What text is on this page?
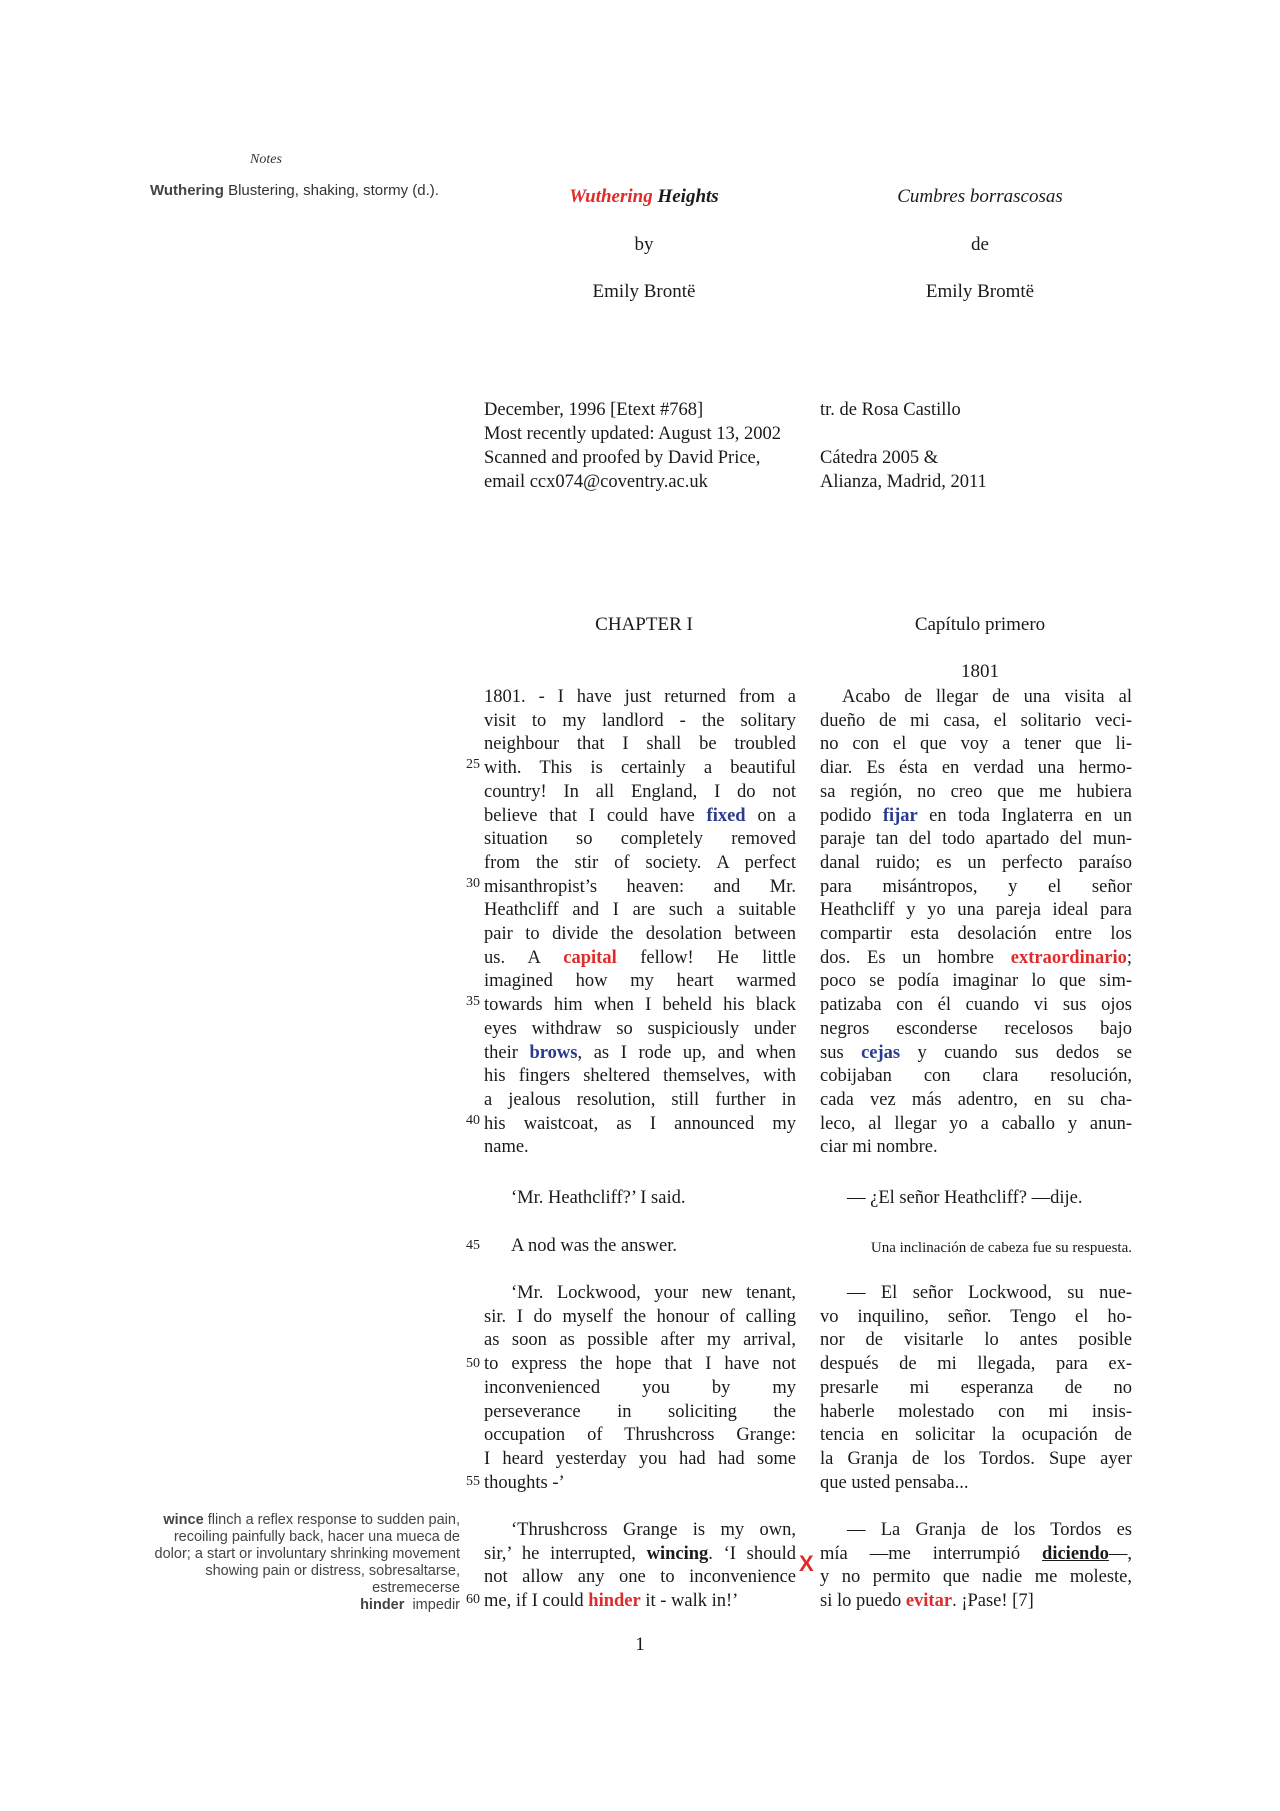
Notes
Wuthering Blustering, shaking, stormy (d.).
wince flinch a reflex response to sudden pain, recoiling painfully back, hacer una mueca de dolor; a start or involuntary shrinking movement showing pain or distress, sobresaltarse, estremecerse
hinder impedir
Wuthering Heights	Cumbres borrascosas
by	de
Emily Brontë	Emily Bromtë
December, 1996 [Etext #768]
Most recently updated: August 13, 2002
Scanned and proofed by David Price,
email ccx074@coventry.ac.uk
tr. de Rosa Castillo
Cátedra 2005 &
Alianza, Madrid, 2011
CHAPTER I	Capítulo primero
1801
1801. - I have just returned from a
visit to my landlord - the solitary
neighbour that I shall be troubled
with. This is certainly a beautiful
country! In all England, I do not
believe that I could have fixed on a
situation so completely removed
from the stir of society. A perfect
misanthropist’s heaven: and Mr.
Heathcliff and I are such a suitable
pair to divide the desolation between
us. A capital fellow! He little
imagined how my heart warmed
towards him when I beheld his black
eyes withdraw so suspiciously under
their brows, as I rode up, and when
his fingers sheltered themselves, with
a jealous resolution, still further in
his waistcoat, as I announced my
name.
Acabo de llegar de una visita al
dueño de mi casa, el solitario veci-
no con el que voy a tener que li-
diar. Es ésta en verdad una hermo-
sa región, no creo que me hubiera
podido fijar en toda Inglaterra en un
paraje tan del todo apartado del mun-
danal ruido; es un perfecto paraíso
para misántropos, y el señor
Heathcliff y yo una pareja ideal para
compartir esta desolación entre los
dos. Es un hombre extraordinario;
poco se podía imaginar lo que sim-
patizaba con él cuando vi sus ojos
negros esconderse recelosos bajo
sus cejas y cuando sus dedos se
cobijaban con clara resolución,
cada vez más adentro, en su cha-
leco, al llegar yo a caballo y anun-
ciar mi nombre.
‘Mr. Heathcliff?’ I said.	— ¿El señor Heathcliff? —dije.
A nod was the answer.	Una inclinación de cabeza fue su respuesta.
‘Mr. Lockwood, your new tenant,
sir. I do myself the honour of calling
as soon as possible after my arrival,
to express the hope that I have not
inconvenienced you by my
perseverance in soliciting the
occupation of Thrushcross Grange:
I heard yesterday you had had some
thoughts -’
— El señor Lockwood, su nue-
vo inquilino, señor. Tengo el ho-
nor de visitarle lo antes posible
después de mi llegada, para ex-
presarle mi esperanza de no
haberle molestado con mi insis-
tencia en solicitar la ocupación de
la Granja de los Tordos. Supe ayer
que usted pensaba...
‘Thrushcross Grange is my own,
sir,’ he interrupted, wincing. ‘I should
not allow any one to inconvenience
me, if I could hinder it - walk in!’
— La Granja de los Tordos es
mía —me interrumpió diciendo—,
y no permito que nadie me moleste,
si lo puedo evitar. ¡Pase! [7]
25
30
35
40
45
50
55
60
X
1
